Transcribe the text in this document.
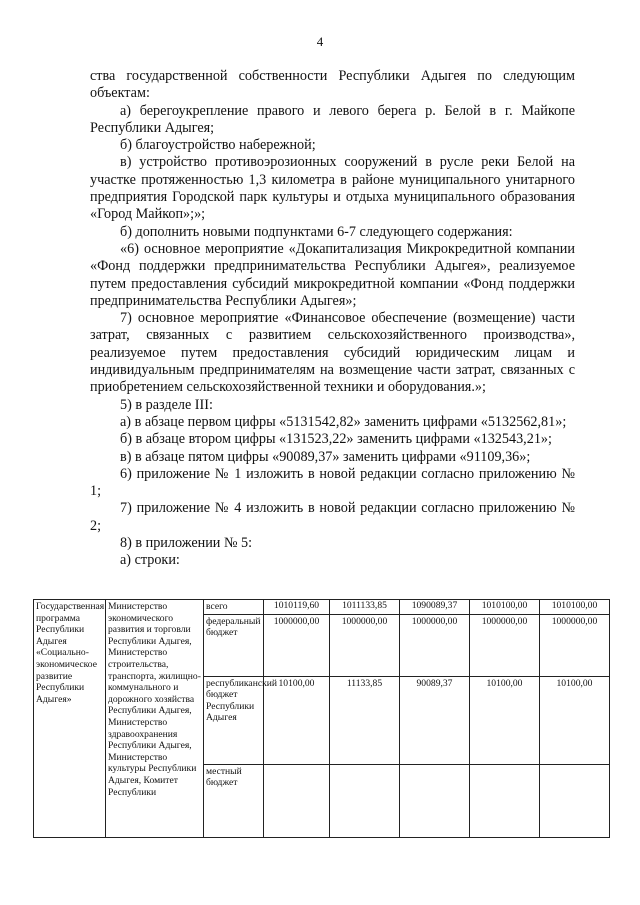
4

ства государственной собственности Республики Адыгея по следующим объектам:

а) берегоукрепление правого и левого берега р. Белой в г. Майкопе Республики Адыгея;

б) благоустройство набережной;

в) устройство противоэрозионных сооружений в русле реки Белой на участке протяженностью 1,3 километра в районе муниципального унитарного предприятия Городской парк культуры и отдыха муниципального образования «Город Майкоп»;»;

б) дополнить новыми подпунктами 6-7 следующего содержания:

«6) основное мероприятие «Докапитализация Микрокредитной компании «Фонд поддержки предпринимательства Республики Адыгея», реализуемое путем предоставления субсидий микрокредитной компании «Фонд поддержки предпринимательства Республики Адыгея»;

7) основное мероприятие «Финансовое обеспечение (возмещение) части затрат, связанных с развитием сельскохозяйственного производства», реализуемое путем предоставления субсидий юридическим лицам и индивидуальным предпринимателям на возмещение части затрат, связанных с приобретением сельскохозяйственной техники и оборудования.»;

5) в разделе III:

а) в абзаце первом цифры «5131542,82» заменить цифрами «5132562,81»;

б) в абзаце втором цифры «131523,22» заменить цифрами «132543,21»;

в) в абзаце пятом цифры «90089,37» заменить цифрами «91109,36»;

6) приложение № 1 изложить в новой редакции согласно приложению № 1;

7) приложение № 4 изложить в новой редакции согласно приложению № 2;

8) в приложении № 5:

а) строки:

Государственная программа Республики Адыгея «Социально-экономическое развитие Республики Адыгея»	Министерство экономического развития и торговли Республики Адыгея, Министерство строительства, транспорта, жилищно-коммунального и дорожного хозяйства Республики Адыгея, Министерство здравоохранения Республики Адыгея, Министерство культуры Республики Адыгея, Комитет Республики	всего	1010119,60	1011133,85	1090089,37	1010100,00	1010100,00
		федеральный бюджет	1000000,00	1000000,00	1000000,00	1000000,00	1000000,00
		республиканский бюджет Республики Адыгея	10100,00	11133,85	90089,37	10100,00	10100,00
		местный бюджет					
